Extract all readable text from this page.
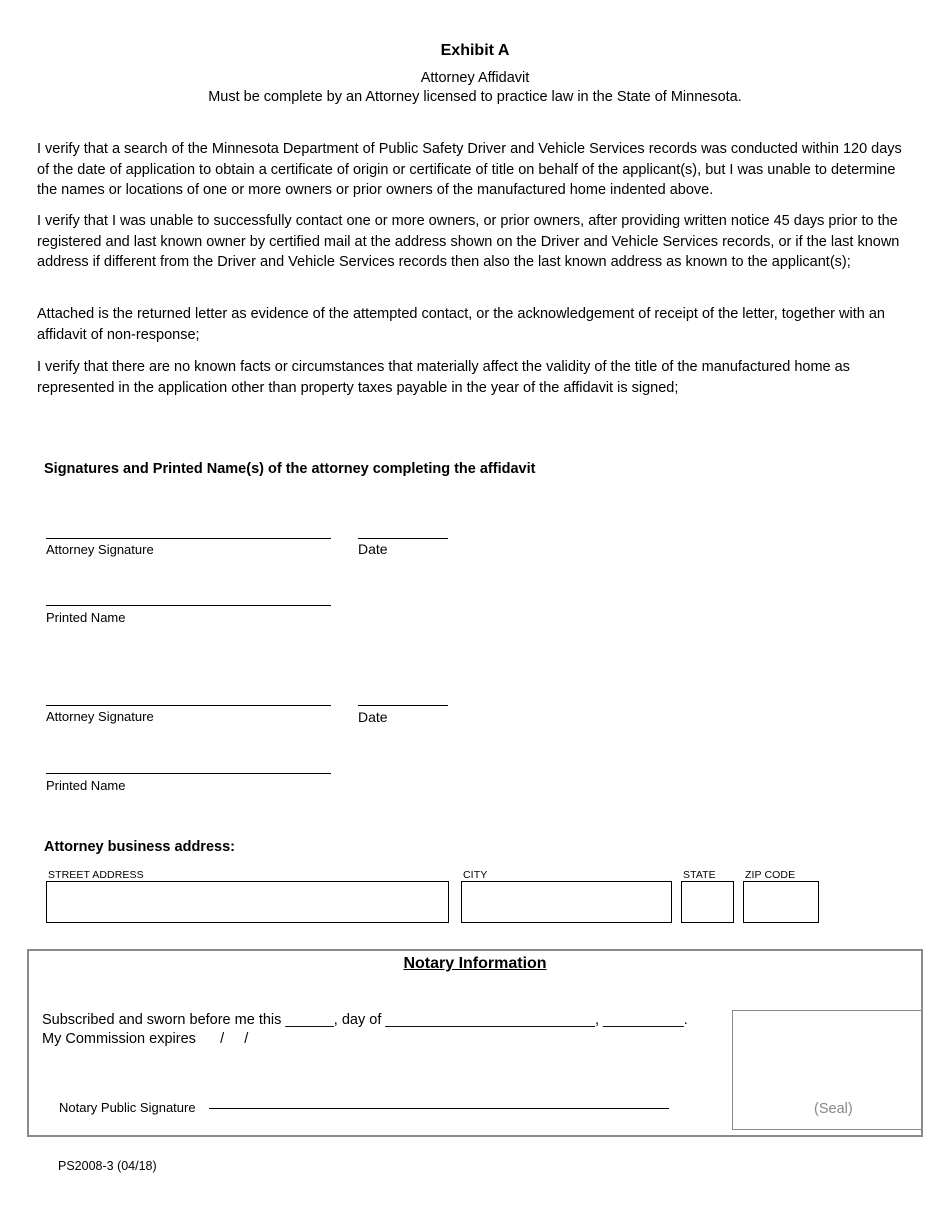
Exhibit A
Attorney Affidavit
Must be complete by an Attorney licensed to practice law in the State of Minnesota.
I verify that a search of the Minnesota Department of Public Safety Driver and Vehicle Services records was conducted within 120 days of the date of application to obtain a certificate of origin or certificate of title on behalf of the applicant(s), but I was unable to determine the names or locations of one or more owners or prior owners of the manufactured home indented above.
I verify that I was unable to successfully contact one or more owners, or prior owners, after providing written notice 45 days prior to the registered and last known owner by certified mail at the address shown on the Driver and Vehicle Services records, or if the last known address if different from the Driver and Vehicle Services records then also the last known address as known to the applicant(s);
Attached is the returned letter as evidence of the attempted contact, or the acknowledgement of receipt of the letter, together with an affidavit of non-response;
I verify that there are no known facts or circumstances that materially affect the validity of the title of the manufactured home as represented in the application other than property taxes payable in the year of the affidavit is signed;
Signatures and Printed Name(s) of the attorney completing the affidavit
Attorney Signature	Date
Printed Name
Attorney Signature	Date
Printed Name
Attorney business address:
STREET ADDRESS	CITY	STATE	ZIP CODE
Notary Information
Subscribed and sworn before me this ______, day of __________________________, __________.
My Commission expires      /     /
Notary Public Signature	(Seal)
PS2008-3 (04/18)
